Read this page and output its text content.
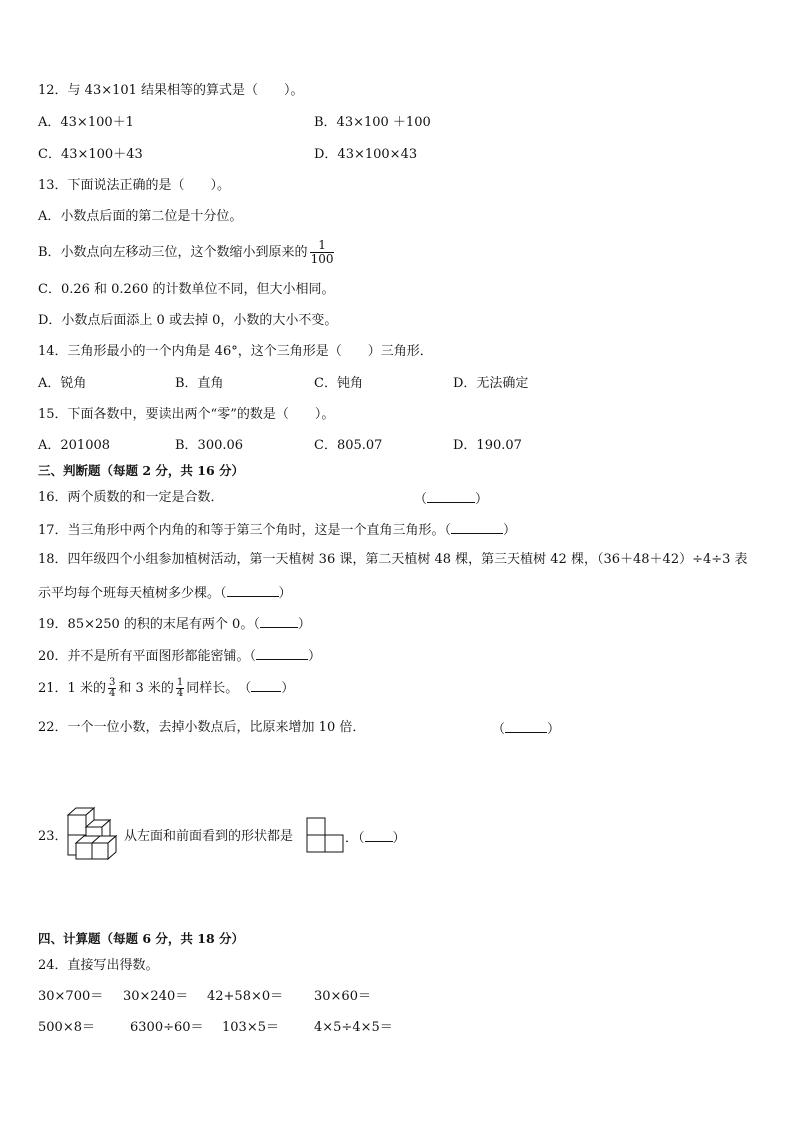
12．与 43×101 结果相等的算式是（　　）。
A．43×100＋1	B．43×100 ＋100
C．43×100＋43	D．43×100×43
13．下面说法正确的是（　　）。
A．小数点后面的第二位是十分位。
B．小数点向左移动三位，这个数缩小到原来的 $\frac{1}{100}$
C．0.26 和 0.260 的计数单位不同，但大小相同。
D．小数点后面添上 0 或去掉 0，小数的大小不变。
14．三角形最小的一个内角是 46°，这个三角形是（　　）三角形．
A．锐角	B．直角	C．钝角	D．无法确定
15．下面各数中，要读出两个“零”的数是（　　）。
A．201008	B．300.06	C．805.07	D．190.07
三、判断题（每题 2 分，共 16 分）
16．两个质数的和一定是合数．	（	）
17．当三角形中两个内角的和等于第三个角时，这是一个直角三角形。（	）
18．四年级四个小组参加植树活动，第一天植树 36 课，第二天植树 48 棵，第三天植树 42 棵，（36＋48＋42）÷4÷3 表
示平均每个班每天植树多少棵。（	）
19．85×250 的积的末尾有两个 0。（	）
20．并不是所有平面图形都能密铺。（	）
21．1 米的 $\frac{3}{4}$ 和 3 米的 $\frac{1}{4}$ 同样长。　（ ）
22．一个一位小数，去掉小数点后，比原来增加 10 倍．	（	）
23．	从左面和前面看到的形状都是	．（ ）
四、计算题（每题 6 分，共 18 分）
24．直接写出得数。
30×700＝ 30×240＝ 42+58×0＝ 30×60＝
500×8＝	6300÷60＝ 103×5＝	4×5÷4×5＝
